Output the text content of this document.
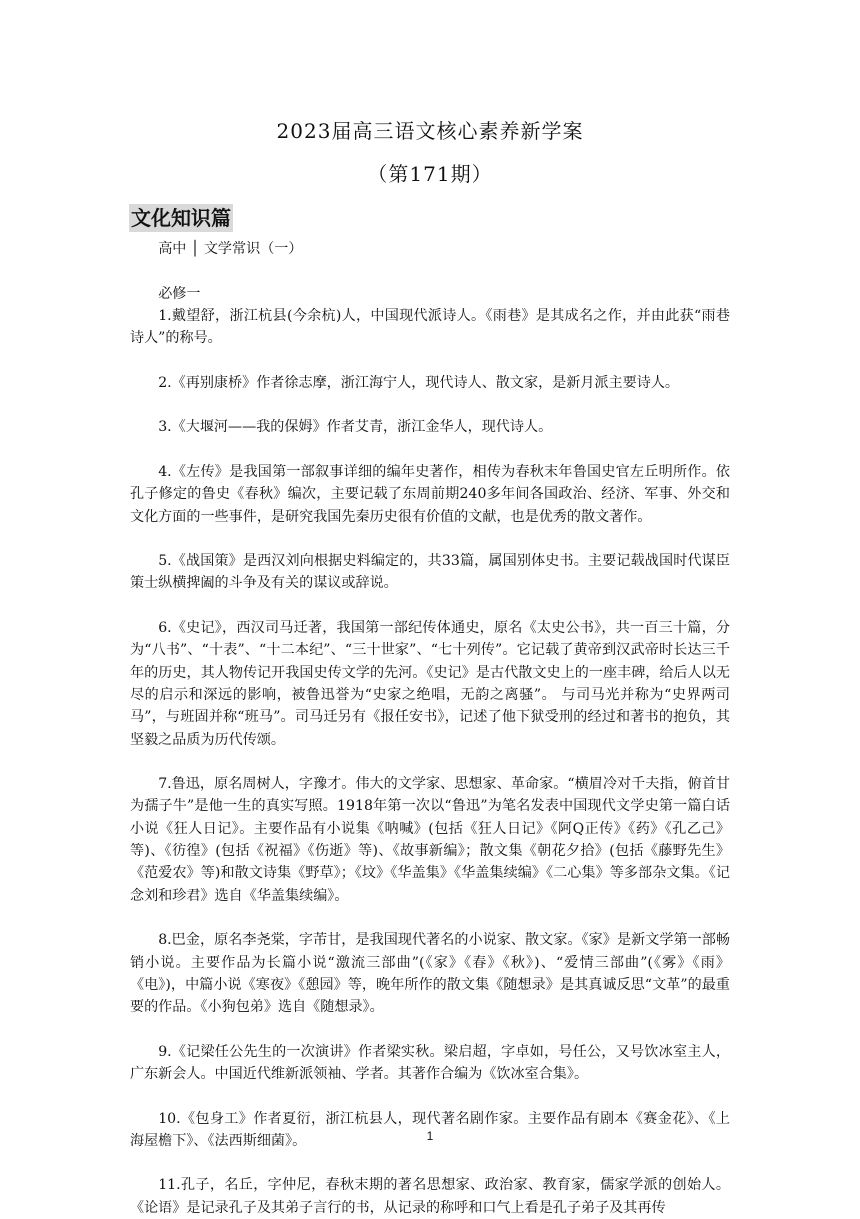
2023届高三语文核心素养新学案
（第171期）
文化知识篇

高中 │ 文学常识（一）

必修一

1.戴望舒，浙江杭县(今余杭)人，中国现代派诗人。《雨巷》是其成名之作，并由此获“雨巷诗人”的称号。

2.《再别康桥》作者徐志摩，浙江海宁人，现代诗人、散文家，是新月派主要诗人。

3.《大堰河——我的保姆》作者艾青，浙江金华人，现代诗人。

4.《左传》是我国第一部叙事详细的编年史著作，相传为春秋末年鲁国史官左丘明所作。依孔子修定的鲁史《春秋》编次，主要记载了东周前期240多年间各国政治、经济、军事、外交和文化方面的一些事件，是研究我国先秦历史很有价值的文献，也是优秀的散文著作。

5.《战国策》是西汉刘向根据史料编定的，共33篇，属国别体史书。主要记载战国时代谋臣策士纵横捭阖的斗争及有关的谋议或辞说。

6.《史记》，西汉司马迁著，我国第一部纪传体通史，原名《太史公书》，共一百三十篇，分为“八书”、“十表”、“十二本纪”、“三十世家”、“七十列传”。它记载了黄帝到汉武帝时长达三千年的历史，其人物传记开我国史传文学的先河。《史记》是古代散文史上的一座丰碑，给后人以无尽的启示和深远的影响，被鲁迅誉为“史家之绝唱，无韵之离骚”。 与司马光并称为“史界两司马”，与班固并称“班马”。司马迁另有《报任安书》，记述了他下狱受刑的经过和著书的抱负，其坚毅之品质为历代传颂。

7.鲁迅，原名周树人，字豫才。伟大的文学家、思想家、革命家。“横眉冷对千夫指，俯首甘为孺子牛”是他一生的真实写照。1918年第一次以“鲁迅”为笔名发表中国现代文学史第一篇白话小说《狂人日记》。主要作品有小说集《呐喊》(包括《狂人日记》《阿Q正传》《药》《孔乙己》等)、《彷徨》(包括《祝福》《伤逝》等)、《故事新编》；散文集《朝花夕拾》(包括《藤野先生》《范爱农》等)和散文诗集《野草》；《坟》《华盖集》《华盖集续编》《二心集》等多部杂文集。《记念刘和珍君》选自《华盖集续编》。

8.巴金，原名李尧棠，字芾甘，是我国现代著名的小说家、散文家。《家》是新文学第一部畅销小说。主要作品为长篇小说“激流三部曲”(《家》《春》《秋》)、“爱情三部曲”(《雾》《雨》《电》)，中篇小说《寒夜》《憩园》等，晚年所作的散文集《随想录》是其真诚反思“文革”的最重要的作品。《小狗包弟》选自《随想录》。

9.《记梁任公先生的一次演讲》作者梁实秋。梁启超，字卓如，号任公，又号饮冰室主人，广东新会人。中国近代维新派领袖、学者。其著作合编为《饮冰室合集》。

10.《包身工》作者夏衍，浙江杭县人，现代著名剧作家。主要作品有剧本《赛金花》、《上海屋檐下》、《法西斯细菌》。

11.孔子，名丘，字仲尼，春秋末期的著名思想家、政治家、教育家，儒家学派的创始人。《论语》是记录孔子及其弟子言行的书，从记录的称呼和口气上看是孔子弟子及其再传

1
